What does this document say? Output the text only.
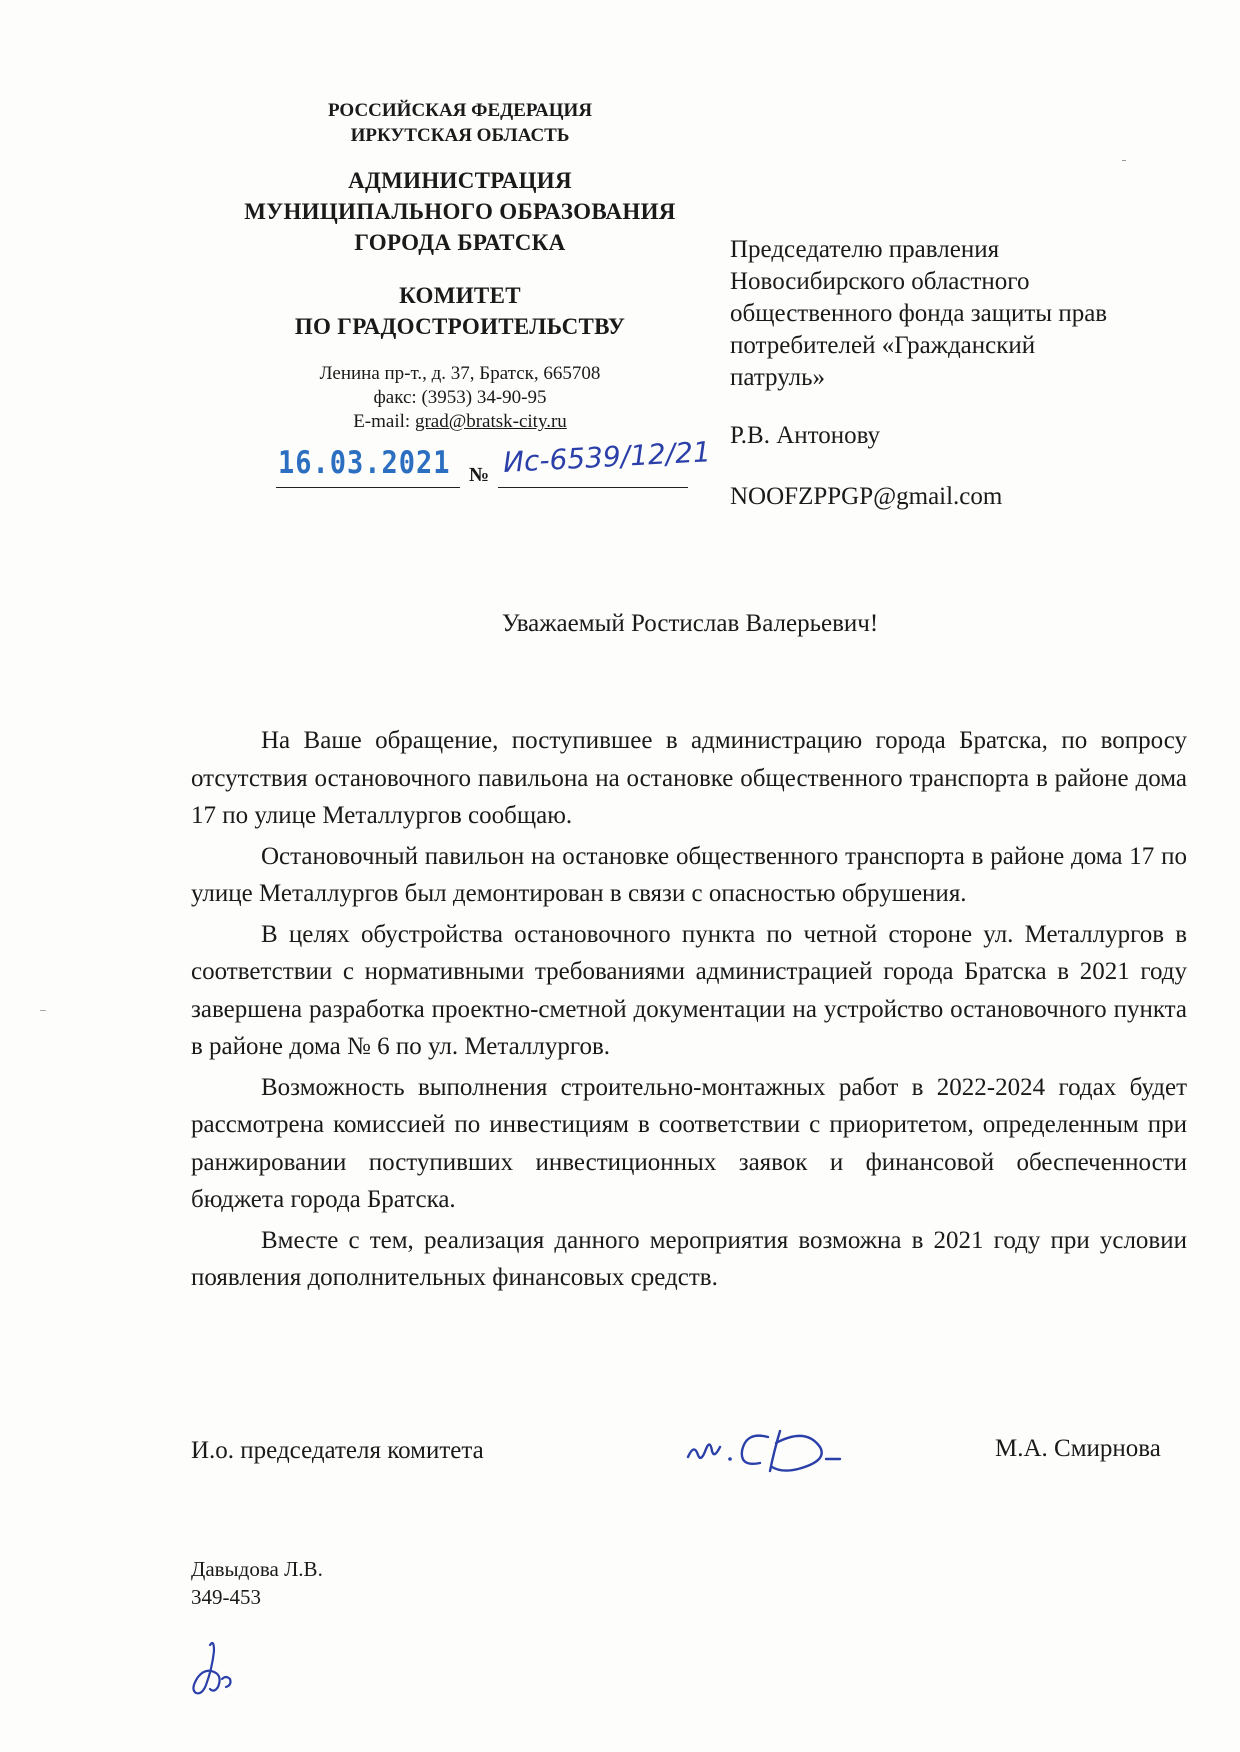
РОССИЙСКАЯ ФЕДЕРАЦИЯ
ИРКУТСКАЯ ОБЛАСТЬ
АДМИНИСТРАЦИЯ
МУНИЦИПАЛЬНОГО ОБРАЗОВАНИЯ
ГОРОДА БРАТСКА
КОМИТЕТ
ПО ГРАДОСТРОИТЕЛЬСТВУ
Ленина пр-т., д. 37, Братск, 665708
факс: (3953) 34-90-95
E-mail: grad@bratsk-city.ru
16.03.2021 № Ис-6539/12/21
Председателю правления
Новосибирского областного
общественного фонда защиты прав
потребителей «Гражданский
патруль»
Р.В. Антонову
NOOFZPPGP@gmail.com
Уважаемый Ростислав Валерьевич!

На Ваше обращение, поступившее в администрацию города Братска, по вопросу отсутствия остановочного павильона на остановке общественного транспорта в районе дома 17 по улице Металлургов сообщаю.

Остановочный павильон на остановке общественного транспорта в районе дома 17 по улице Металлургов был демонтирован в связи с опасностью обрушения.

В целях обустройства остановочного пункта по четной стороне ул. Металлургов в соответствии с нормативными требованиями администрацией города Братска в 2021 году завершена разработка проектно-сметной документации на устройство остановочного пункта в районе дома № 6 по ул. Металлургов.

Возможность выполнения строительно-монтажных работ в 2022-2024 годах будет рассмотрена комиссией по инвестициям в соответствии с приоритетом, определенным при ранжировании поступивших инвестиционных заявок и финансовой обеспеченности бюджета города Братска.

Вместе с тем, реализация данного мероприятия возможна в 2021 году при условии появления дополнительных финансовых средств.

И.о. председателя комитета	М.А. Смирнова
Давыдова Л.В.
349-453
